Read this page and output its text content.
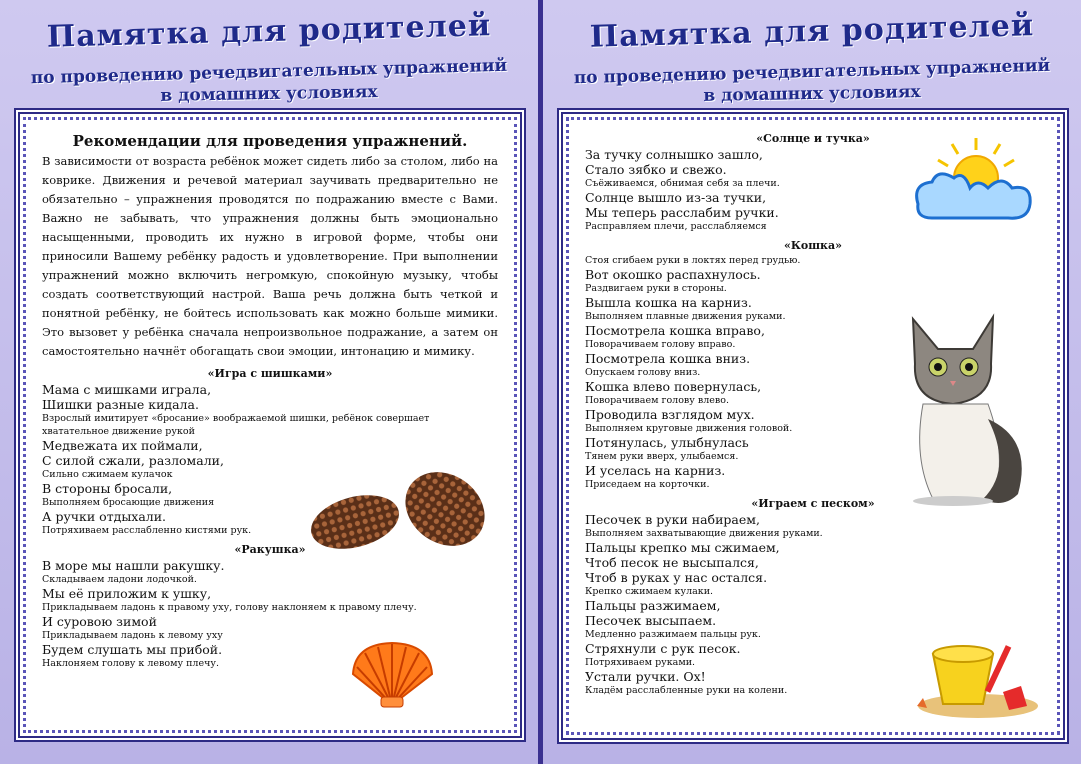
Памятка для родителей
по проведению речедвигательных упражнений
в домашних условиях
Рекомендации для проведения упражнений.
В зависимости от возраста ребёнок может сидеть либо за столом, либо на коврике. Движения и речевой материал заучивать предварительно не обязательно – упражнения проводятся по подражанию вместе с Вами. Важно не забывать, что упражнения должны быть эмоционально насыщенными, проводить их нужно в игровой форме, чтобы они приносили Вашему ребёнку радость и удовлетворение. При выполнении упражнений можно включить негромкую, спокойную музыку, чтобы создать соответствующий настрой. Ваша речь должна быть четкой и понятной ребёнку, не бойтесь использовать как можно больше мимики. Это вызовет у ребёнка сначала непроизвольное подражание, а затем он самостоятельно начнёт обогащать свои эмоции, интонацию и мимику.
«Игра с шишками»
Мама с мишками играла,
Шишки разные кидала.
Взрослый имитирует «бросание» воображаемой шишки, ребёнок совершает хватательное движение рукой
Медвежата их поймали,
С силой сжали, разломали,
Сильно сжимаем кулачок
В стороны бросали,
Выполняем бросающие движения
А ручки отдыхали.
Потряхиваем расслабленно кистями рук.
«Ракушка»
В море мы нашли ракушку.
Складываем ладони лодочкой.
Мы её приложим к ушку,
Прикладываем ладонь к правому уху, голову наклоняем к правому плечу.
И суровою зимой
Прикладываем ладонь к левому уху
Будем слушать мы прибой.
Наклоняем голову к левому плечу.
Памятка для родителей
по проведению речедвигательных упражнений
в домашних условиях
«Солнце и тучка»
За тучку солнышко зашло,
Стало зябко и свежо.
Съёживаемся, обнимая себя за плечи.
Солнце вышло из-за тучки,
Мы теперь расслабим ручки.
Расправляем плечи, расслабляемся
«Кошка»
Стоя сгибаем руки в локтях перед грудью.
Вот окошко распахнулось.
Раздвигаем руки в стороны.
Вышла кошка на карниз.
Выполняем плавные движения руками.
Посмотрела кошка вправо,
Поворачиваем голову вправо.
Посмотрела кошка вниз.
Опускаем голову вниз.
Кошка влево повернулась,
Поворачиваем голову влево.
Проводила взглядом мух.
Выполняем круговые движения головой.
Потянулась, улыбнулась
Тянем руки вверх, улыбаемся.
И уселась на карниз.
Приседаем на корточки.
«Играем с песком»
Песочек в руки набираем,
Выполняем захватывающие движения руками.
Пальцы крепко мы сжимаем,
Чтоб песок не высыпался,
Чтоб в руках у нас остался.
Крепко сжимаем кулаки.
Пальцы разжимаем,
Песочек высыпаем.
Медленно разжимаем пальцы рук.
Стряхнули с рук песок.
Потряхиваем руками.
Устали ручки. Ох!
Кладём расслабленные руки на колени.
